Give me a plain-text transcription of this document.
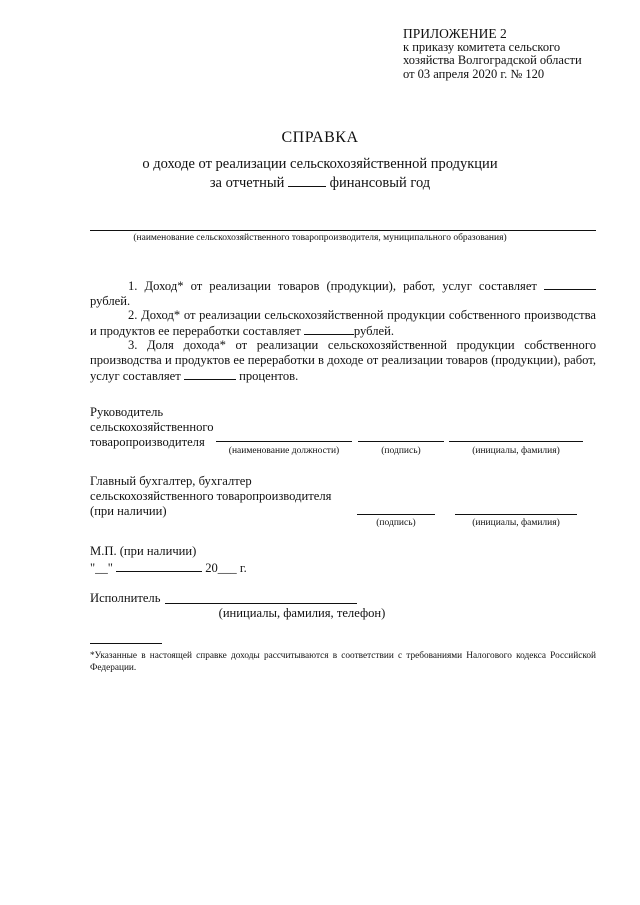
ПРИЛОЖЕНИЕ 2
к приказу комитета сельского
хозяйства Волгоградской области
от 03 апреля 2020 г. № 120
СПРАВКА
о доходе от реализации сельскохозяйственной продукции
за отчетный	финансовый год
(наименование сельскохозяйственного товаропроизводителя, муниципального образования)
1. Доход* от реализации товаров (продукции), работ, услуг составляет  рублей.
2. Доход* от реализации сельскохозяйственной продукции собственного производства и продуктов ее переработки составляет	рублей.
3. Доля дохода* от реализации сельскохозяйственной продукции собственного производства и продуктов ее переработки в доходе от реализации товаров (продукции), работ, услуг составляет	процентов.
Руководитель
сельскохозяйственного
товаропроизводителя
(наименование должности)	(подпись)	(инициалы, фамилия)
Главный бухгалтер, бухгалтер
сельскохозяйственного товаропроизводителя
(при наличии)
(подпись)	(инициалы, фамилия)
М.П. (при наличии)
"__"	20___ г.
Исполнитель
(инициалы, фамилия, телефон)
*Указанные в настоящей справке доходы рассчитываются в соответствии с требованиями Налогового кодекса Российской Федерации.
